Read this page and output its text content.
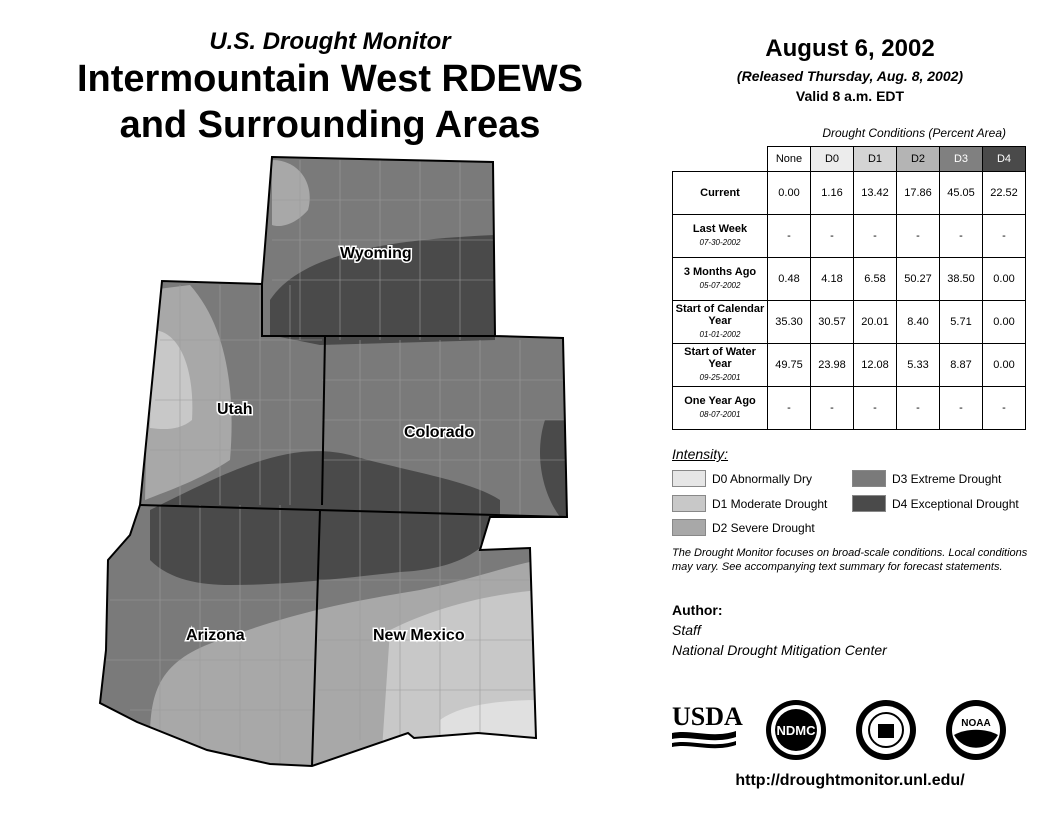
U.S. Drought Monitor
Intermountain West RDEWS
and Surrounding Areas
Wyoming
Utah
Colorado
Arizona	New Mexico
August 6, 2002
(Released Thursday, Aug. 8, 2002)
Valid 8 a.m. EDT
Drought Conditions (Percent Area)
	None	D0	D1	D2	D3	D4
Current	0.00	1.16	13.42	17.86	45.05	22.52
Last Week
07-30-2002	-	-	-	-	-	-
3 Months Ago
05-07-2002	0.48	4.18	6.58	50.27	38.50	0.00
Start of Calendar Year
01-01-2002	35.30	30.57	20.01	8.40	5.71	0.00
Start of Water Year
09-25-2001	49.75	23.98	12.08	5.33	8.87	0.00
One Year Ago
08-07-2001	-	-	-	-	-	-
Intensity:
D0 Abnormally Dry
D1 Moderate Drought
D2 Severe Drought
D3 Extreme Drought
D4 Exceptional Drought
The Drought Monitor focuses on broad-scale conditions. Local conditions may vary. See accompanying text summary for forecast statements.
Author:
Staff
National Drought Mitigation Center
USDA	NDMC	NOAA
http://droughtmonitor.unl.edu/
